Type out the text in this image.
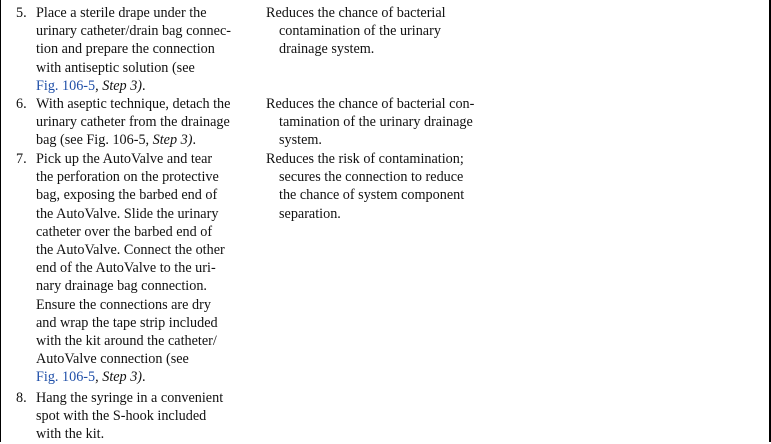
5. Place a sterile drape under the
urinary catheter/drain bag connec-
tion and prepare the connection
with antiseptic solution (see
Fig. 106-5, Step 3).
6. With aseptic technique, detach the
urinary catheter from the drainage
bag (see Fig. 106-5, Step 3).
7. Pick up the AutoValve and tear
the perforation on the protective
bag, exposing the barbed end of
the AutoValve. Slide the urinary
catheter over the barbed end of
the AutoValve. Connect the other
end of the AutoValve to the uri-
nary drainage bag connection.
Ensure the connections are dry
and wrap the tape strip included
with the kit around the catheter/
AutoValve connection (see
Fig. 106-5, Step 3).
8. Hang the syringe in a convenient
spot with the S-hook included
with the kit.
Reduces the chance of bacterial
contamination of the urinary
drainage system.
Reduces the chance of bacterial con-
tamination of the urinary drainage
system.
Reduces the risk of contamination;
secures the connection to reduce
the chance of system component
separation.
